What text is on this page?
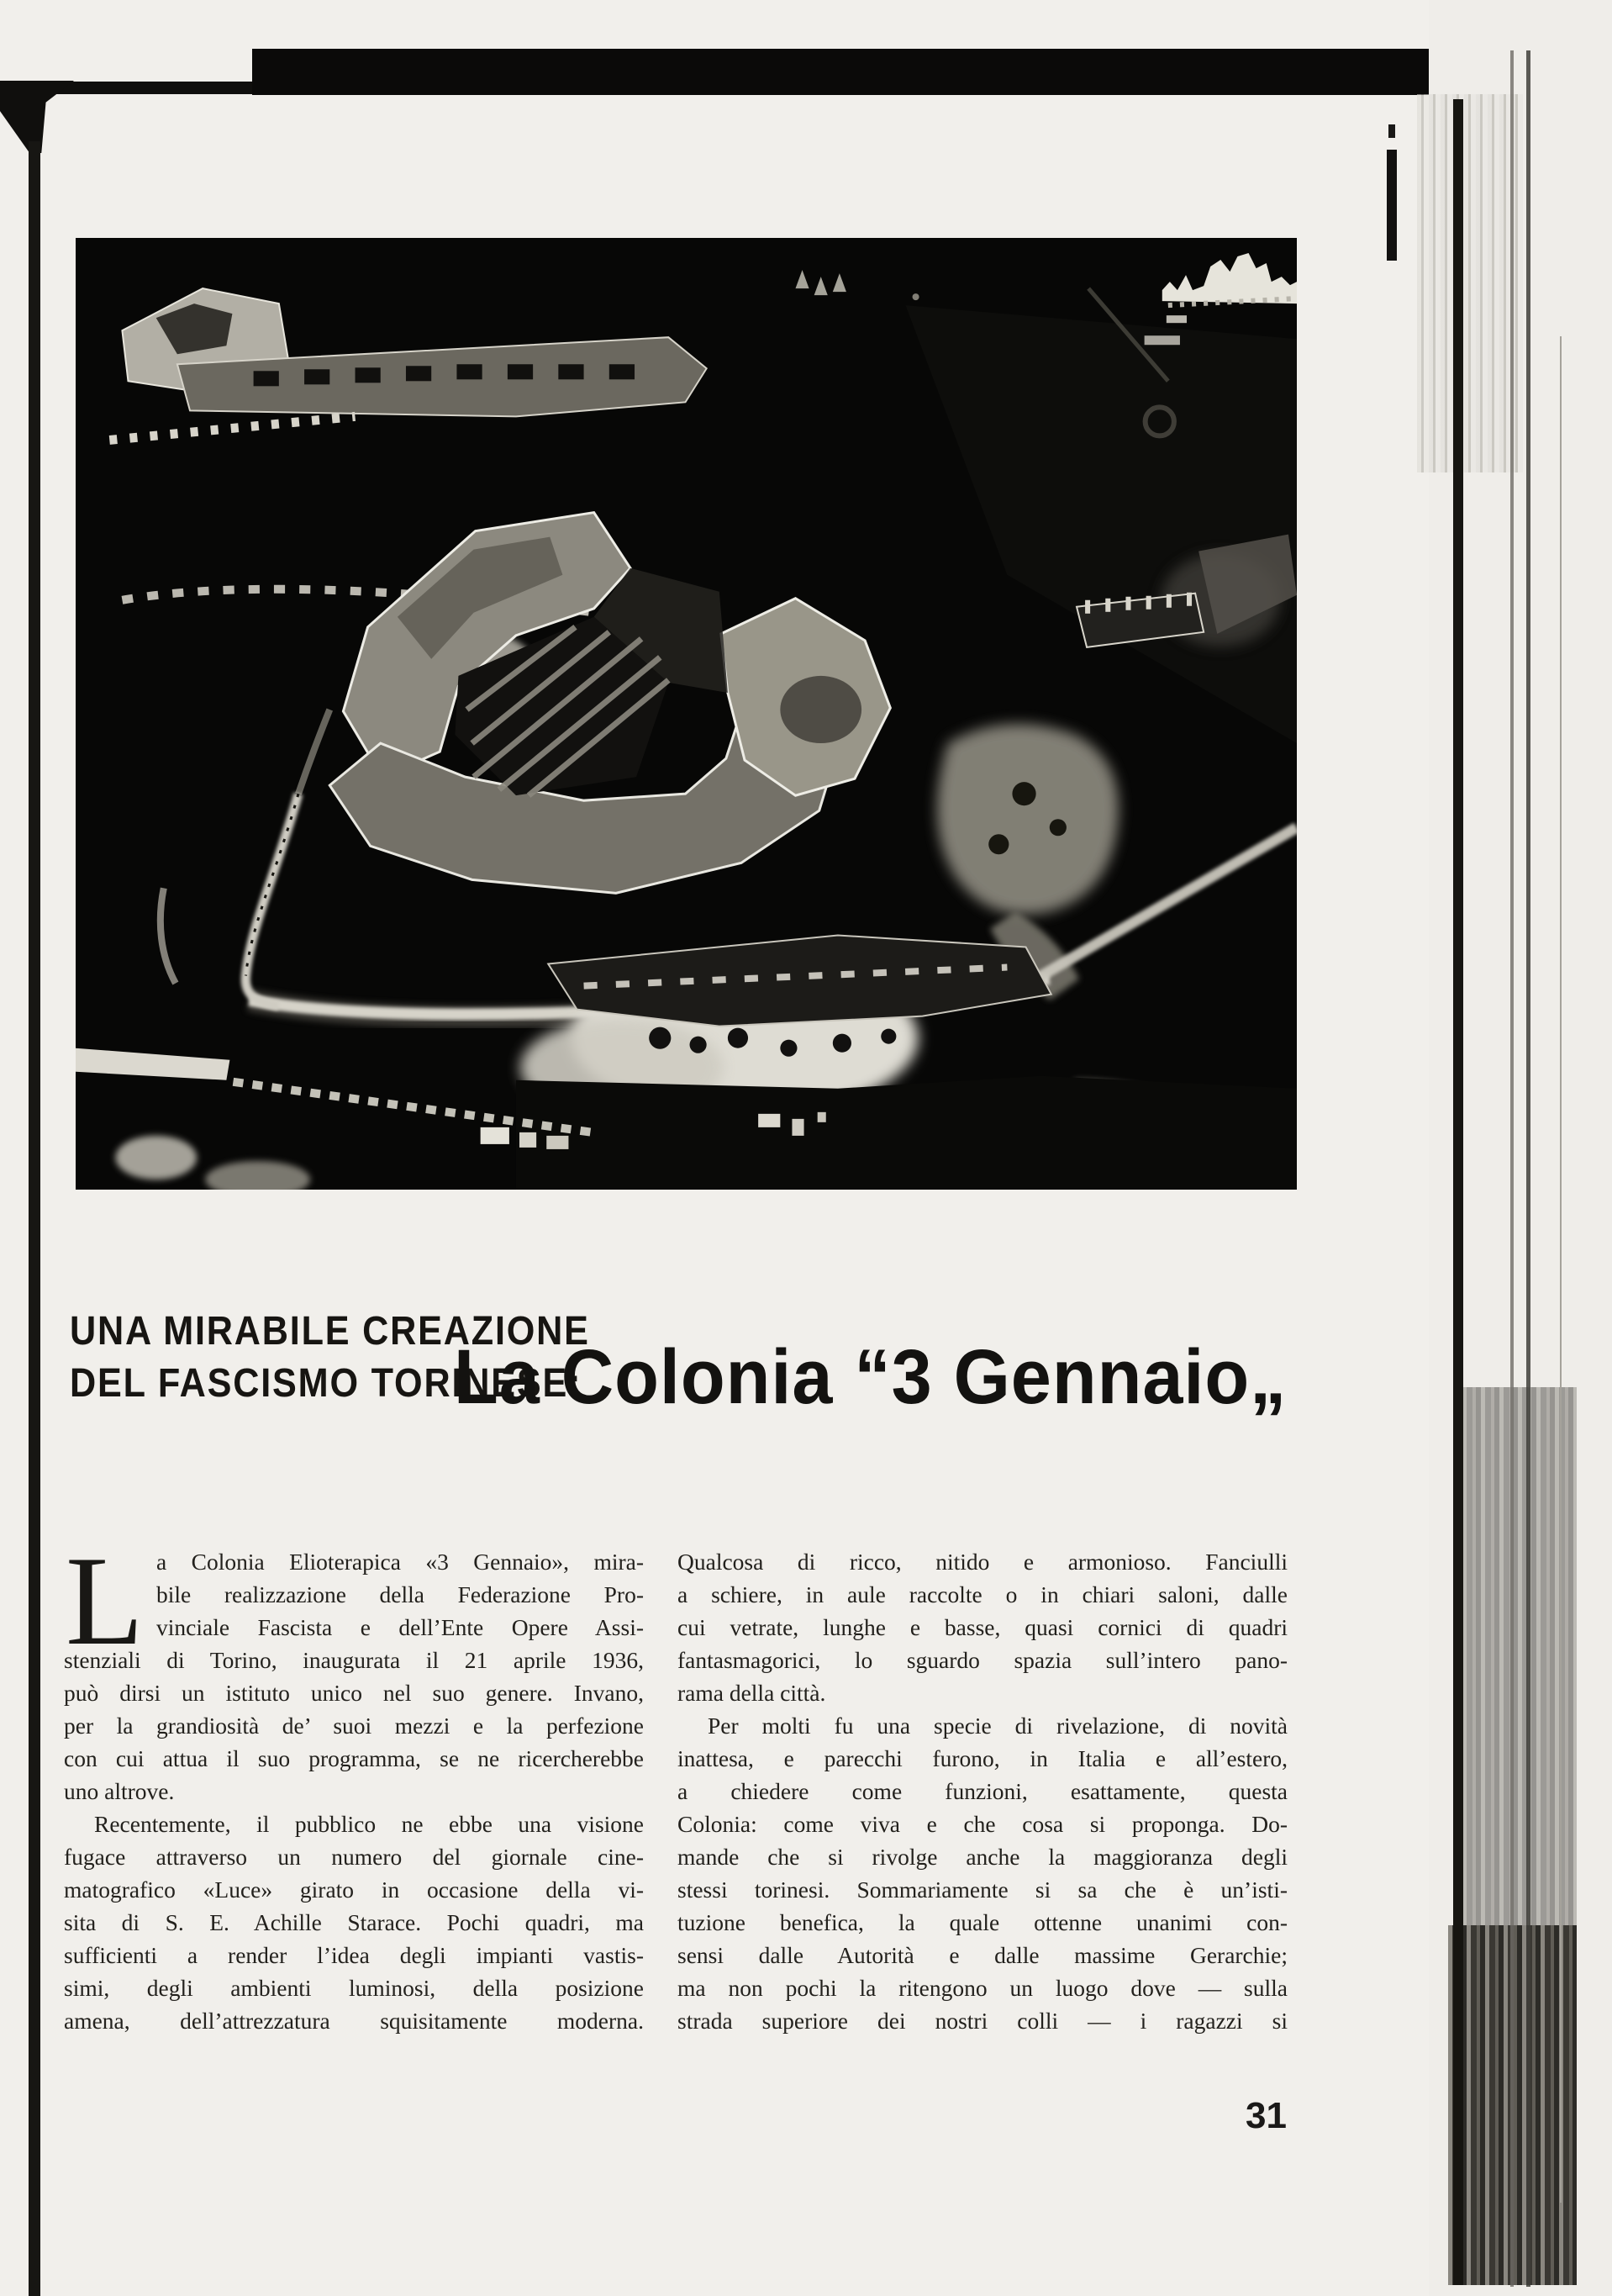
UNA MIRABILE CREAZIONE
DEL FASCISMO TORINESE:
La Colonia “3 Gennaio„
L a Colonia Elioterapica «3 Gennaio», mira-
bile realizzazione della Federazione Pro-
vinciale Fascista e dell’Ente Opere Assi-
stenziali di Torino, inaugurata il 21 aprile 1936,
può dirsi un istituto unico nel suo genere. Invano,
per la grandiosità de’ suoi mezzi e la perfezione
con cui attua il suo programma, se ne ricercherebbe
uno altrove.
Recentemente, il pubblico ne ebbe una visione
fugace attraverso un numero del giornale cine-
matografico «Luce» girato in occasione della vi-
sita di S. E. Achille Starace. Pochi quadri, ma
sufficienti a render l’idea degli impianti vastis-
simi, degli ambienti luminosi, della posizione
amena, dell’attrezzatura squisitamente moderna.
Qualcosa di ricco, nitido e armonioso. Fanciulli
a schiere, in aule raccolte o in chiari saloni, dalle
cui vetrate, lunghe e basse, quasi cornici di quadri
fantasmagorici, lo sguardo spazia sull’intero pano-
rama della città.
Per molti fu una specie di rivelazione, di novità
inattesa, e parecchi furono, in Italia e all’estero,
a chiedere come funzioni, esattamente, questa
Colonia: come viva e che cosa si proponga. Do-
mande che si rivolge anche la maggioranza degli
stessi torinesi. Sommariamente si sa che è un’isti-
tuzione benefica, la quale ottenne unanimi con-
sensi dalle Autorità e dalle massime Gerarchie;
ma non pochi la ritengono un luogo dove — sulla
strada superiore dei nostri colli — i ragazzi si
31
